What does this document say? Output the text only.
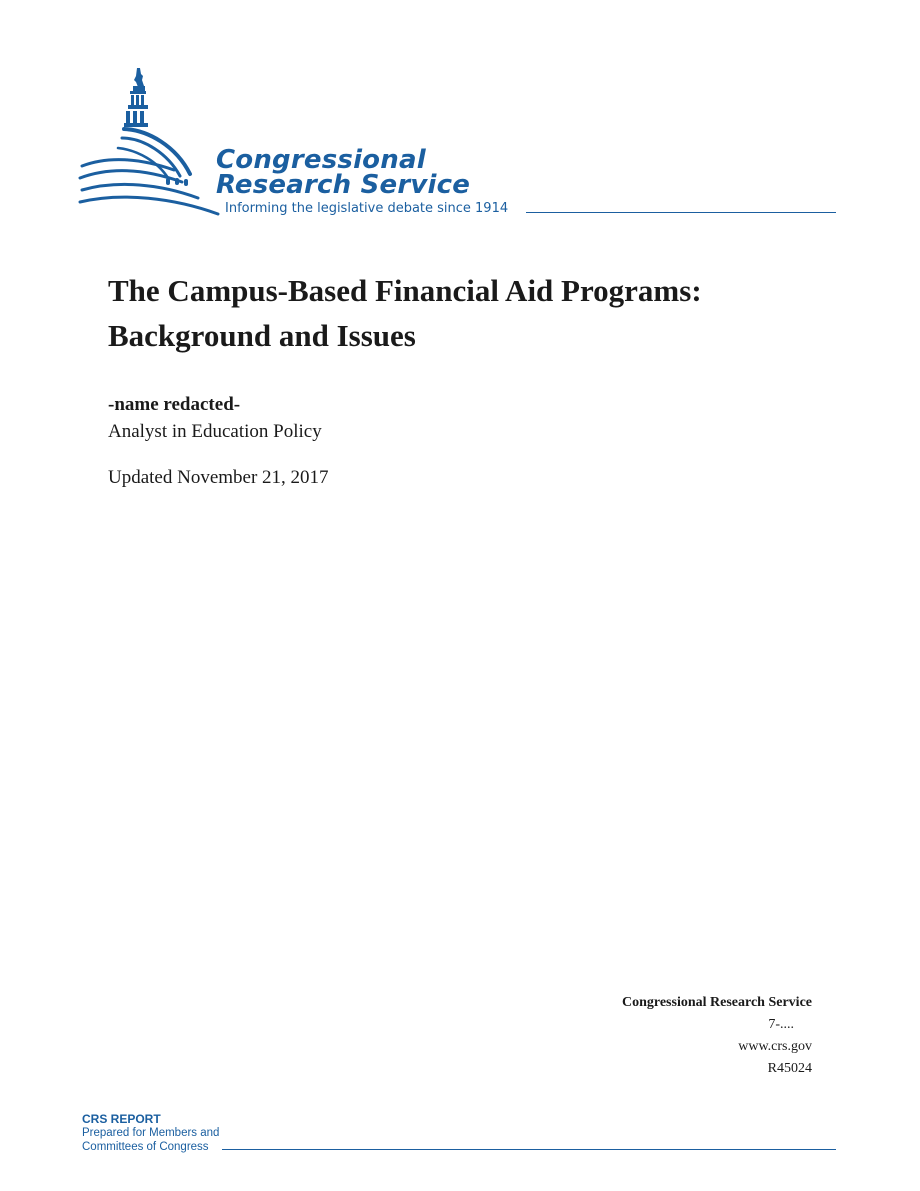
Congressional
Research Service
Informing the legislative debate since 1914
The Campus-Based Financial Aid Programs:
Background and Issues
-name redacted-
Analyst in Education Policy
Updated November 21, 2017
Congressional Research Service
7-....
www.crs.gov
R45024
CRS REPORT
Prepared for Members and
Committees of Congress
